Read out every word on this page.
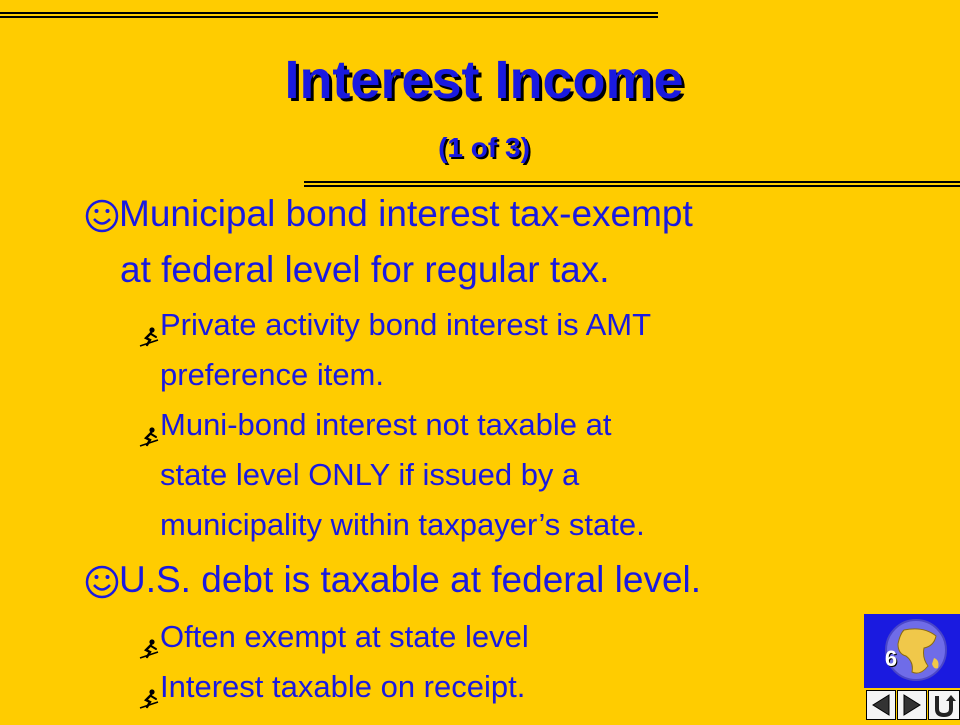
Interest Income
(1 of 3)
Municipal bond interest tax-exempt
at federal level for regular tax.
Private activity bond interest is AMT
preference item.
Muni-bond interest not taxable at
state level ONLY if issued by a
municipality within taxpayer’s state.
U.S. debt is taxable at federal level.
Often exempt at state level
Interest taxable on receipt.
6
